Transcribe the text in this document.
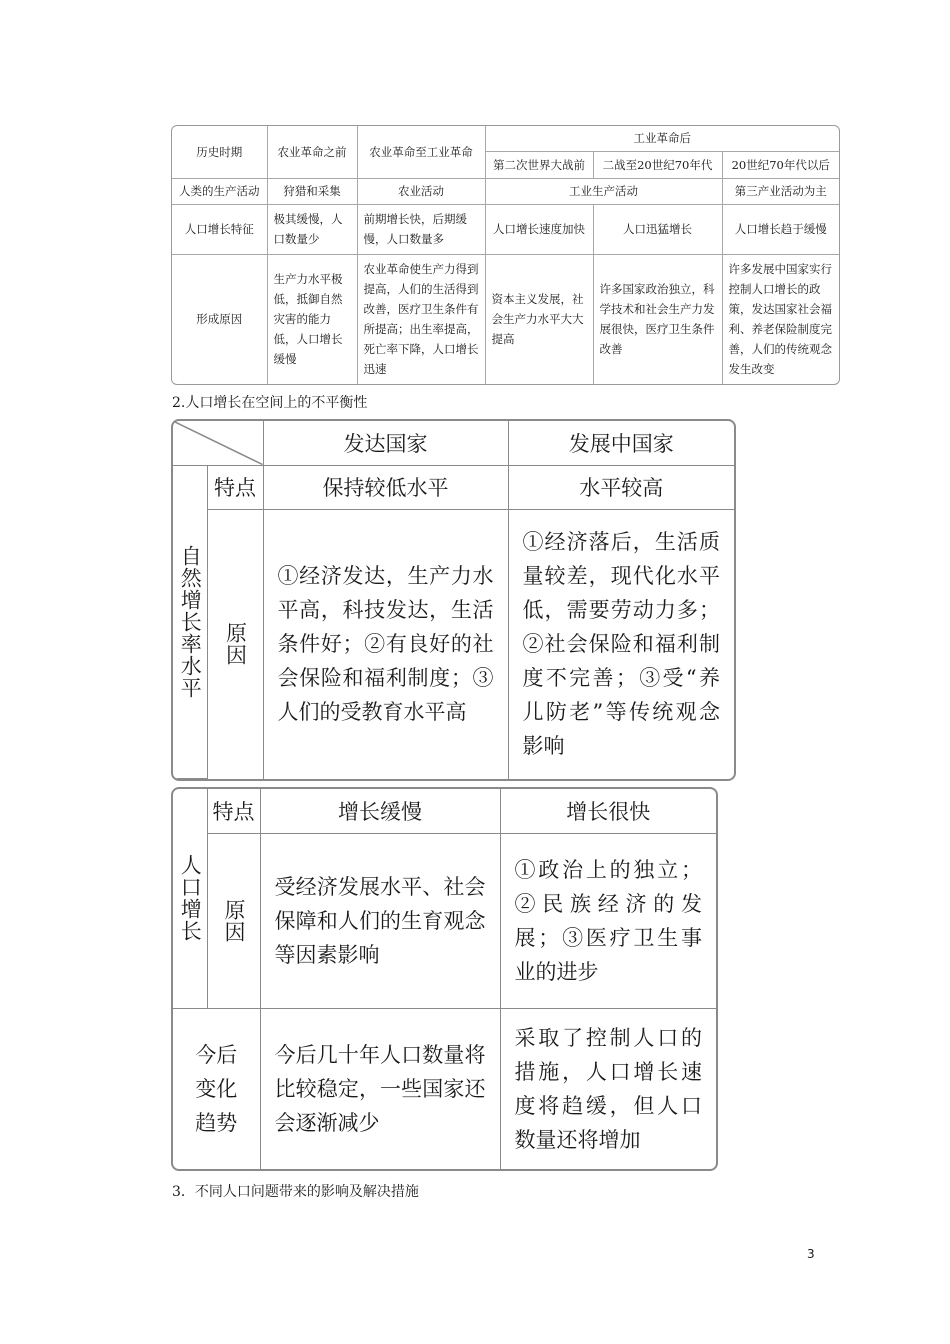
历史时期	农业革命之前	农业革命至工业革命	工业革命后		
			第二次世界大战前	二战至20世纪70年代	20世纪70年代以后
人类的生产活动	狩猎和采集	农业活动	工业生产活动		第三产业活动为主
人口增长特征	极其缓慢，人口数量少	前期增长快，后期缓慢，人口数量多	人口增长速度加快	人口迅猛增长	人口增长趋于缓慢
形成原因	生产力水平极低，抵御自然灾害的能力低，人口增长缓慢	农业革命使生产力得到提高，人们的生活得到改善，医疗卫生条件有所提高；出生率提高，死亡率下降，人口增长迅速	资本主义发展，社会生产力水平大大提高	许多国家政治独立，科学技术和社会生产力发展很快，医疗卫生条件改善	许多发展中国家实行控制人口增长的政策，发达国家社会福利、养老保险制度完善，人们的传统观念发生改变
2.人口增长在空间上的不平衡性
	发达国家	发展中国家

自然增长率水平	特点	保持较低水平	水平较高

	原因	①经济发达，生产力水平高，科技发达，生活条件好；②有良好的社会保险和福利制度；③人们的受教育水平高	①经济落后，生活质量较差，现代化水平低，需要劳动力多；②社会保险和福利制度不完善；③受“养儿防老”等传统观念影响
人口增长	特点	增长缓慢	增长很快

	原因	受经济发展水平、社会保障和人们的生育观念等因素影响	①政治上的独立；②民族经济的发展；③医疗卫生事业的进步
今后变化趋势		今后几十年人口数量将比较稳定，一些国家还会逐渐减少	采取了控制人口的措施，人口增长速度将趋缓，但人口数量还将增加
3．不同人口问题带来的影响及解决措施
3
